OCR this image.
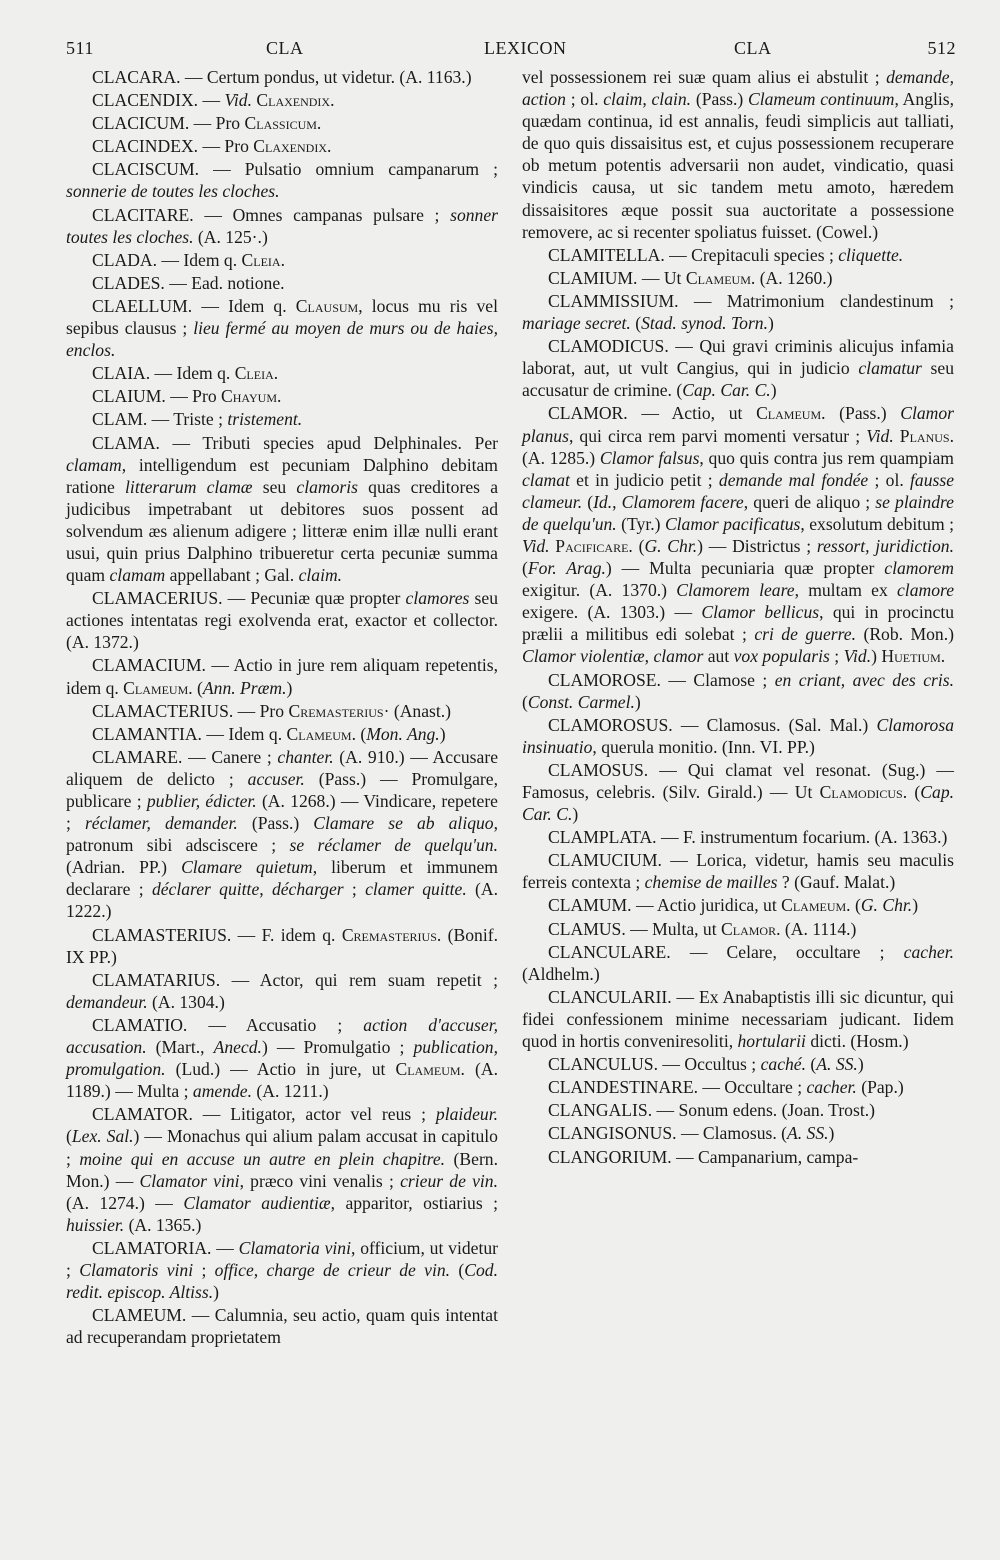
511	CLA	LEXICON	CLA	512

CLACARA. — Certum pondus, ut videtur. (A. 1163.)

CLACENDIX. — Vid. Claxendix.

CLACICUM. — Pro Classicum.

CLACINDEX. — Pro Claxendix.

CLACISCUM. — Pulsatio omnium campanarum ; sonnerie de toutes les cloches.

CLACITARE. — Omnes campanas pulsare ; sonner toutes les cloches. (A. 125·.)

CLADA. — Idem q. Cleia.

CLADES. — Ead. notione.

CLAELLUM. — Idem q. Clausum, locus mu ris vel sepibus clausus ; lieu fermé au moyen de murs ou de haies, enclos.

CLAIA. — Idem q. Cleia.

CLAIUM. — Pro Chayum.

CLAM. — Triste ; tristement.

CLAMA. — Tributi species apud Delphinales. Per clamam, intelligendum est pecuniam Dalphino debitam ratione litterarum clamæ seu clamoris quas creditores a judicibus impetrabant ut debitores suos possent ad solvendum æs alienum adigere ; litteræ enim illæ nulli erant usui, quin prius Dalphino tribueretur certa pecuniæ summa quam clamam appellabant ; Gal. claim.

CLAMACERIUS. — Pecuniæ quæ propter clamores seu actiones intentatas regi exolvenda erat, exactor et collector. (A. 1372.)

CLAMACIUM. — Actio in jure rem aliquam repetentis, idem q. Clameum. (Ann. Præm.)

CLAMACTERIUS. — Pro Cremasterius· (Anast.)

CLAMANTIA. — Idem q. Clameum. (Mon. Ang.)

CLAMARE. — Canere ; chanter. (A. 910.) — Accusare aliquem de delicto ; accuser. (Pass.) — Promulgare, publicare ; publier, édicter. (A. 1268.) — Vindicare, repetere ; réclamer, demander. (Pass.) Clamare se ab aliquo, patronum sibi adsciscere ; se réclamer de quelqu'un. (Adrian. PP.) Clamare quietum, liberum et immunem declarare ; déclarer quitte, décharger ; clamer quitte. (A. 1222.)

CLAMASTERIUS. — F. idem q. Cremasterius. (Bonif. IX PP.)

CLAMATARIUS. — Actor, qui rem suam repetit ; demandeur. (A. 1304.)

CLAMATIO. — Accusatio ; action d'accuser, accusation. (Mart., Anecd.) — Promulgatio ; publication, promulgation. (Lud.) — Actio in jure, ut Clameum. (A. 1189.) — Multa ; amende. (A. 1211.)

CLAMATOR. — Litigator, actor vel reus ; plaideur. (Lex. Sal.) — Monachus qui alium palam accusat in capitulo ; moine qui en accuse un autre en plein chapitre. (Bern. Mon.) — Clamator vini, præco vini venalis ; crieur de vin. (A. 1274.) — Clamator audientiæ, apparitor, ostiarius ; huissier. (A. 1365.)

CLAMATORIA. — Clamatoria vini, officium, ut videtur ; Clamatoris vini ; office, charge de crieur de vin. (Cod. redit. episcop. Altiss.)

CLAMEUM. — Calumnia, seu actio, quam quis intentat ad recuperandam proprietatem

vel possessionem rei suæ quam alius ei abstulit ; demande, action ; ol. claim, clain. (Pass.) Clameum continuum, Anglis, quædam continua, id est annalis, feudi simplicis aut talliati, de quo quis dissaisitus est, et cujus possessionem recuperare ob metum potentis adversarii non audet, vindicatio, quasi vindicis causa, ut sic tandem metu amoto, hæredem dissaisitores æque possit sua auctoritate a possessione removere, ac si recenter spoliatus fuisset. (Cowel.)

CLAMITELLA. — Crepitaculi species ; cliquette.

CLAMIUM. — Ut Clameum. (A. 1260.)

CLAMMISSIUM. — Matrimonium clandestinum ; mariage secret. (Stad. synod. Torn.)

CLAMODICUS. — Qui gravi criminis alicujus infamia laborat, aut, ut vult Cangius, qui in judicio clamatur seu accusatur de crimine. (Cap. Car. C.)

CLAMOR. — Actio, ut Clameum. (Pass.) Clamor planus, qui circa rem parvi momenti versatur ; Vid. Planus. (A. 1285.) Clamor falsus, quo quis contra jus rem quampiam clamat et in judicio petit ; demande mal fondée ; ol. fausse clameur. (Id., Clamorem facere, queri de aliquo ; se plaindre de quelqu'un. (Tyr.) Clamor pacificatus, exsolutum debitum ; Vid. Pacificare. (G. Chr.) — Districtus ; ressort, juridiction. (For. Arag.) — Multa pecuniaria quæ propter clamorem exigitur. (A. 1370.) Clamorem leare, multam ex clamore exigere. (A. 1303.) — Clamor bellicus, qui in procinctu prælii a militibus edi solebat ; cri de guerre. (Rob. Mon.) Clamor violentiæ, clamor aut vox popularis ; Vid.) Huetium.

CLAMOROSE. — Clamose ; en criant, avec des cris. (Const. Carmel.)

CLAMOROSUS. — Clamosus. (Sal. Mal.) Clamorosa insinuatio, querula monitio. (Inn. VI. PP.)

CLAMOSUS. — Qui clamat vel resonat. (Sug.) — Famosus, celebris. (Silv. Girald.) — Ut Clamodicus. (Cap. Car. C.)

CLAMPLATA. — F. instrumentum focarium. (A. 1363.)

CLAMUCIUM. — Lorica, videtur, hamis seu maculis ferreis contexta ; chemise de mailles ? (Gauf. Malat.)

CLAMUM. — Actio juridica, ut Clameum. (G. Chr.)

CLAMUS. — Multa, ut Clamor. (A. 1114.)

CLANCULARE. — Celare, occultare ; cacher. (Aldhelm.)

CLANCULARII. — Ex Anabaptistis illi sic dicuntur, qui fidei confessionem minime necessariam judicant. Iidem quod in hortis conveniresoliti, hortularii dicti. (Hosm.)

CLANCULUS. — Occultus ; caché. (A. SS.)

CLANDESTINARE. — Occultare ; cacher. (Pap.)

CLANGALIS. — Sonum edens. (Joan. Trost.)

CLANGISONUS. — Clamosus. (A. SS.)

CLANGORIUM. — Campanarium, campa-
